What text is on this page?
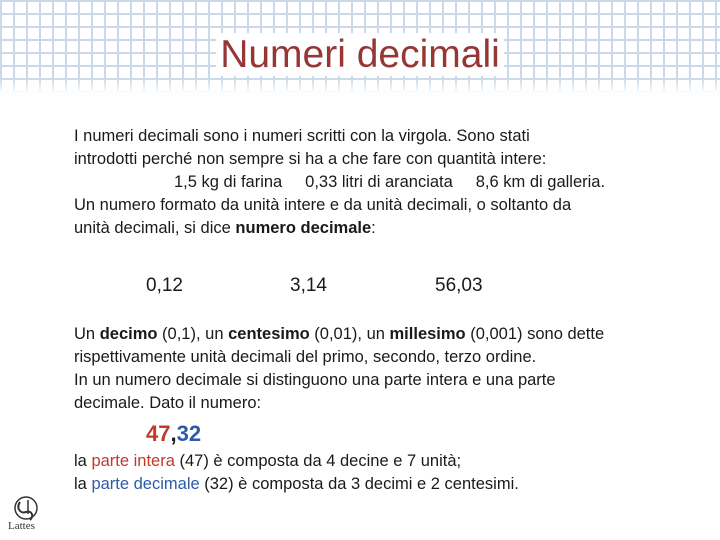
Numeri decimali
I numeri decimali sono i numeri scritti con la virgola. Sono stati
introdotti perché non sempre si ha a che fare con quantità intere:
1,5 kg di farina     0,33 litri di aranciata     8,6 km di galleria.
Un numero formato da unità intere e da unità decimali, o soltanto da
unità decimali, si dice numero decimale:
0,12	3,14	56,03
Un decimo (0,1), un centesimo (0,01), un millesimo (0,001) sono dette
rispettivamente unità decimali del primo, secondo, terzo ordine.
In un numero decimale si distinguono una parte intera e una parte
decimale. Dato il numero:
47,32
la parte intera (47) è composta da 4 decine e 7 unità;
la parte decimale (32) è composta da 3 decimi e 2 centesimi.
Lattes
